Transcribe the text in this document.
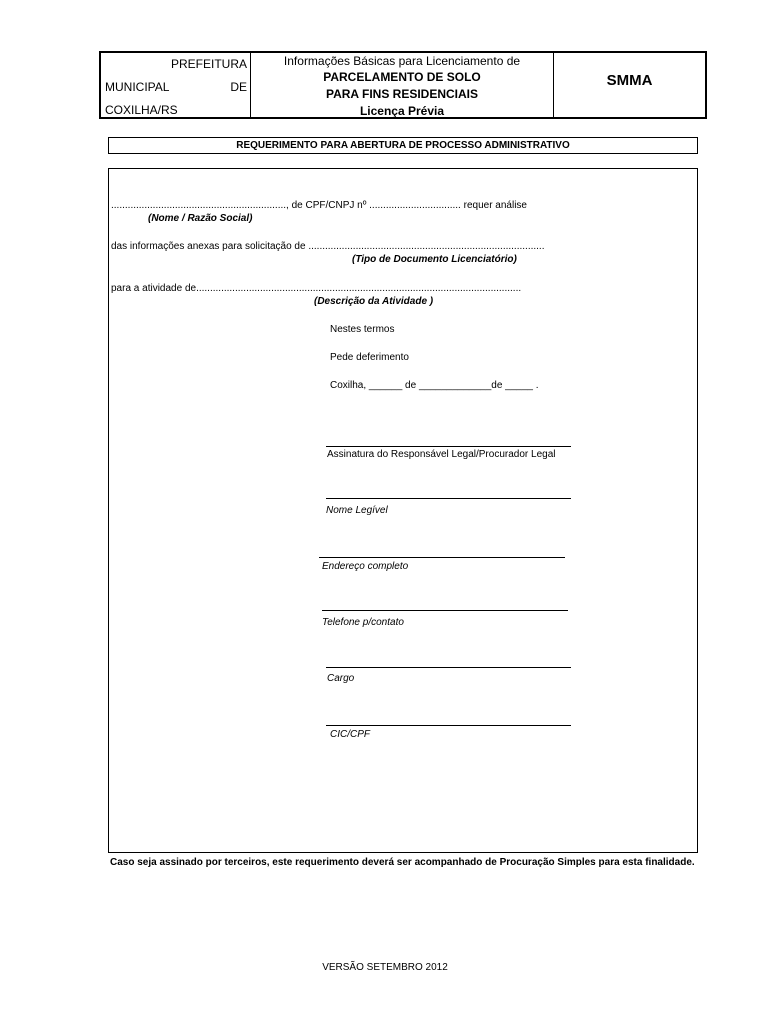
PREFEITURA
MUNICIPAL	DE
COXILHA/RS
Informações Básicas para Licenciamento de
PARCELAMENTO DE SOLO
PARA FINS RESIDENCIAIS
Licença Prévia
SMMA
REQUERIMENTO PARA ABERTURA DE PROCESSO ADMINISTRATIVO
..............................................................., de CPF/CNPJ nº ................................. requer análise
(Nome / Razão Social)
das informações anexas para solicitação de .....................................................................................
(Tipo de Documento Licenciatório)
para a atividade de.....................................................................................................................
(Descrição da Atividade )
Nestes termos
Pede deferimento
Coxilha, ______ de _____________de _____ .
Assinatura do Responsável Legal/Procurador Legal
Nome Legível
Endereço completo
Telefone p/contato
Cargo
CIC/CPF
Caso seja assinado por terceiros, este requerimento deverá ser acompanhado de Procuração Simples para esta finalidade.
VERSÃO SETEMBRO 2012
